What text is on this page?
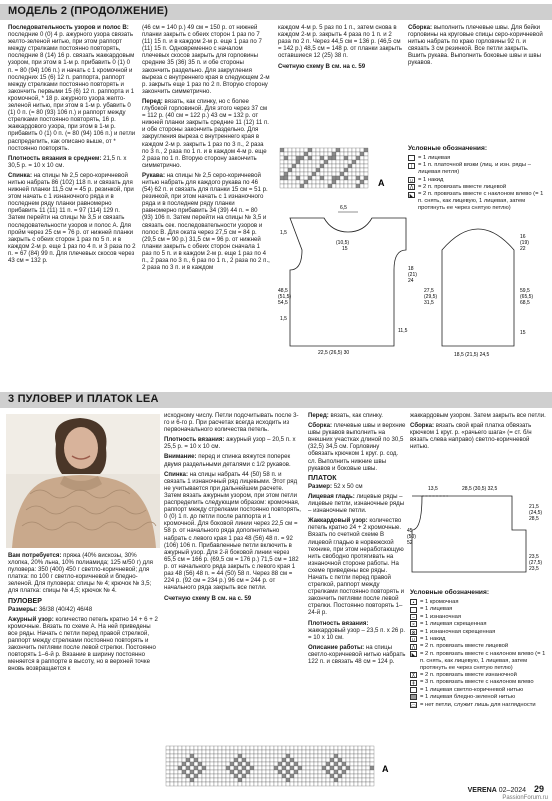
МОДЕЛЬ 2 (ПРОДОЛЖЕНИЕ)

Последовательность узоров и полос В: последние 0 (0) 4 р. ажурного узора связать желто-зеленой нитью, при этом раппорт между стрелками постоянно повторять, последние 8 (14) 16 р. связать жаккардовым узором, при этом в 1-м р. прибавить 0 (1) 0 п. = 80 (94) 106 п.) и начать с 1 кромочной и последних 15 (6) 12 п. раппорта, раппорт между стрелками постоянно повторять и закончить первыми 15 (6) 12 п. раппорта и 1 кромочной, * 18 р. ажурного узора желто-зеленой нитью, при этом в 1-м р. убавить 0 (1) 0 п. (= 80 (93) 106 п.) и раппорт между стрелками постоянно повторять, 16 р. жаккардового узора, при этом в 1-м р. прибавить 0 (1) 0 п. (= 80 (94) 106 п.) и петли распределить, как описано выше, от * постоянно повторять.

Плотность вязания в среднем: 21,5 п. x 30,5 р. = 10 x 10 см.

Спинка: на спицы № 2,5 серо-коричневой нитью набрать 86 (102) 118 п. и связать для нижней планки 11,5 см = 45 р. резинкой, при этом начать с 1 изнаночного ряда и в последнем ряду планки равномерно прибавить 11 (11) 11 п. = 97 (114) 129 п. Затем перейти на спицы № 3,5 и связать последовательности узоров и полос А. Для пройм через 25 см = 76 р. от нижней планки закрыть с обеих сторон 1 раз по 5 п. и в каждом 2-м р. еще 1 раз по 4 п. и 3 раза по 2 п. = 67 (84) 99 п. Для плечевых скосов через 43 см = 132 р.

(46 см = 140 р.) 49 см = 150 р. от нижней планки закрыть с обеих сторон 1 раз по 7 (11) 15 п. и в каждом 2-м р. еще 1 раз по 7 (11) 15 п. Одновременно с началом плечевых скосов закрыть для горловины средние 35 (36) 35 п. и обе стороны закончить раздельно. Для закругления выреза с внутреннего края в следующем 2-м р. закрыть еще 1 раз по 2 п. Вторую сторону закончить симметрично.

Перед: вязать, как спинку, но с более глубокой горловиной. Для этого через 37 см = 112 р. (40 см = 122 р.) 43 см = 132 р. от нижней планки закрыть средние 11 (12) 11 п. и обе стороны закончить раздельно. Для закругления выреза с внутреннего края в каждом 2-м р. закрыть 1 раз по 3 п., 2 раза по 3 п., 2 раза по 1 п. и в каждом 4-м р. еще 2 раза по 1 п. Вторую сторону закончить симметрично.

Рукава: на спицы № 2,5 серо-коричневой нитью набрать для каждого рукава по 46 (54) 62 п. и связать для планки 15 см = 51 р. резинкой, при этом начать с 1 изнаночного ряда и в последнем ряду планки равномерно прибавить 34 (39) 44 п. = 80 (93) 106 п. Затем перейти на спицы № 3,5 и связать сек. последовательности узоров и полос В. Для оката через 27,5 см = 84 р. (29,5 см = 90 р.) 31,5 см = 96 р. от нижней планки закрыть с обеих сторон сначала 1 раз по 5 п. и в каждом 2-м р. еще 1 раз по 4 п., 2 раза по 3 п., 6 раз по 1 п., 2 раза по 2 п., 2 раза по 3 п. и в каждом

каждом 4-м р. 5 раз по 1 п., затем снова в каждом 2-м р. закрыть 4 раза по 1 п. и 2 раза по 2 п. Через 44,5 см = 136 р. (46,5 см = 142 р.) 48,5 см = 148 р. от планки закрыть оставшиеся 12 (25) 38 п.

Счетную схему В см. на с. 59

A

Сборка: выполнить плечевые швы. Для бейки горловины на круговые спицы серо-коричневой нитью набрать по краю горловины 92 п. и связать 3 см резинкой. Все петли закрыть. Вшить рукава. Выполнить боковые швы и швы рукавов.

Условные обозначения:
= 1 лицевая
|	= 1 п. платочной вязки (лиц. и изн. ряды – лицевая петля)
∪ = 1 накид
Λ = 2 п. провязать вместе лицевой
◣ = 2 п. провязать вместе с наклоном влево (= 1 п. снять, как лицевую, 1 лицевая, затем протянуть ее через снятую петлю)
6,5
(10,5)
15
1,5
18
(21)
24
48,5
(51,5)
54,5
1,5
22,5 (26,5) 30
11,5
16
(19)
22
27,5
(29,5)
31,5
59,5
(65,5)
68,5
15
18,5 (21,5) 24,5
3 ПУЛОВЕР И ПЛАТОК LEA

Вам потребуется: пряжа (40% вискозы, 30% хлопка, 20% льна, 10% полиамида; 125 м/50 г) для пуловера: 350 (400) 450 г светло-коричневой; для платка: по 100 г светло-коричневой и бледно-зеленой. Для пуловера: спицы № 4; крючок № 3,5; для платка: спицы № 4,5; крючок № 4.

ПУЛОВЕР

Размеры: 36/38 (40/42) 46/48

Ажурный узор: количество петель кратно 14 + 6 + 2 кромочные. Вязать по схеме А. На ней приведены все ряды. Начать с петли перед правой стрелкой, раппорт между стрелками постоянно повторять и закончить петлями после левой стрелки. Постоянно повторять 1–6-й р. Вязание в ширину постоянно меняется в раппорте в высоту, но в верхней точке вновь возвращается к

исходному числу. Петли подсчитывать после 3-го и 6-го р. При расчетах всегда исходить из первоначального количества петель.

Плотность вязания: ажурный узор – 20,5 п. x 25,5 р. = 10 x 10 см.

Внимание: перед и спинка вяжутся поперек двумя раздельными деталями с 1/2 рукавов.

Спинка: на спицы набрать 44 (50) 58 п. и связать 1 изнаночный ряд лицевыми. Этот ряд не учитывается при дальнейшем расчете. Затем вязать ажурным узором, при этом петли распределить следующим образом: кромочная, раппорт между стрелками постоянно повторять, 0 (0) 1 п. до петли после раппорта и 1 кромочной. Для боковой линии через 22,5 см = 58 р. от начального ряда дополнительно набрать с левого края 1 раз 48 (56) 48 п. = 92 (106) 106 п. Прибавленные петли включить в ажурный узор. Для 2-й боковой линии через 65,5 см = 166 р. (69,5 см = 176 р.) 71,5 см = 182 р. от начального ряда закрыть с левого края 1 раз 48 (56) 48 п. = 44 (50) 58 п. Через 88 см = 224 р. (92 см = 234 р.) 96 см = 244 р. от начального ряда закрыть все петли.

Счетную схему В см. на с. 59

A

Перед: вязать, как спинку.

Сборка: плечевые швы и верхние швы рукавов выполнить на внешних участках длиной по 30,5 (32,5) 34,5 см. Горловину обвязать крючком 1 круг. р. сод. сл. Выполнить нижние швы рукавов и боковые швы.

ПЛАТОК

Размер: 52 x 50 см

Лицевая гладь: лицевые ряды – лицевые петли, изнаночные ряды – изнаночные петли.

Жаккардовый узор: количество петель кратно 24 + 2 кромочные. Вязать по счетной схеме В лицевой гладью в норвежской технике, при этом неработающую нить свободно протягивать на изнаночной стороне работы. На схеме приведены все ряды. Начать с петли перед правой стрелкой, раппорт между стрелками постоянно повторять и закончить петлями после левой стрелки. Постоянно повторять 1–24-й р.

Плотность вязания: жаккардовый узор – 23,5 п. x 26 р. = 10 x 10 см.

Описание работы: на спицы светло-коричневой нитью набрать 122 п. и связать 48 см = 124 р.

жаккардовым узором. Затем закрыть все петли.

Сборка: вязать свой край платка обвязать крючком 1 круг. р. «рачьего шага» (= ст. б/н вязать слева направо) светло-коричневой нитью.

13,5	28,5 (30,5) 32,5
21,5
(24,5)
28,5
45
(50)
52
23,5
(27,5)
23,5
Условные обозначения:
• = 1 кромочная
= 1 лицевая
– = 1 изнаночная
× = 1 лицевая скрещенная
⊗ = 1 изнаночная скрещенная
∪ = 1 накид
Λ = 2 п. провязать вместе лицевой
◣ = 2 п. провязать вместе с наклоном влево (= 1 п. снять, как лицевую, 1 лицевая, затем протянуть ее через снятую петлю)
⊼ = 2 п. провязать вместе изнаночной
↟ = 3 п. провязать вместе с наклоном влево
= 1 лицевая светло-коричневой нитью
= 1 лицевая бледно-зеленой нитью
▭ = нет петли, служит лишь для наглядности
VERENA 02–2024 29
PassionForum.ru
